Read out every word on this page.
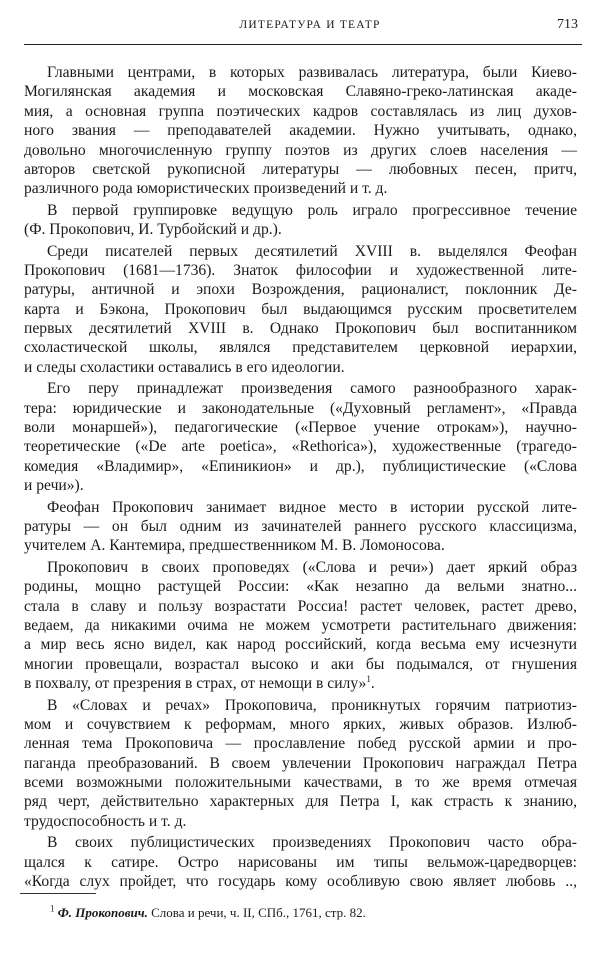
ЛИТЕРАТУРА И ТЕАТР	713
Главными центрами, в которых развивалась литература, были Киево-
Могилянская академия и московская Славяно-греко-латинская акаде-
мия, а основная группа поэтических кадров составлялась из лиц духов-
ного звания — преподавателей академии. Нужно учитывать, однако,
довольно многочисленную группу поэтов из других слоев населения —
авторов светской рукописной литературы — любовных песен, притч,
различного рода юмористических произведений и т. д.
В первой группировке ведущую роль играло прогрессивное течение
(Ф. Прокопович, И. Турбойский и др.).
Среди писателей первых десятилетий XVIII в. выделялся Феофан
Прокопович (1681—1736). Знаток философии и художественной лите-
ратуры, античной и эпохи Возрождения, рационалист, поклонник Де-
карта и Бэкона, Прокопович был выдающимся русским просветителем
первых десятилетий XVIII в. Однако Прокопович был воспитанником
схоластической школы, являлся представителем церковной иерархии,
и следы схоластики оставались в его идеологии.
Его перу принадлежат произведения самого разнообразного харак-
тера: юридические и законодательные («Духовный регламент», «Правда
воли монаршей»), педагогические («Первое учение отрокам»), научно-
теоретические («De arte poetica», «Rethorica»), художественные (трагедо-
комедия «Владимир», «Епиникион» и др.), публицистические («Слова
и речи»).
Феофан Прокопович занимает видное место в истории русской лите-
ратуры — он был одним из зачинателей раннего русского классицизма,
учителем А. Кантемира, предшественником М. В. Ломоносова.
Прокопович в своих проповедях («Слова и речи») дает яркий образ
родины, мощно растущей России: «Как незапно да вельми знатно...
стала в славу и пользу возрастати Россиа! растет человек, растет древо,
ведаем, да никакими очима не можем усмотрети растительнаго движения:
а мир весь ясно видел, как народ российский, когда весьма ему исчезнути
многии провещали, возрастал высоко и аки бы подымался, от гнушения
в похвалу, от презрения в страх, от немощи в силу»$^1$.
В «Словах и речах» Прокоповича, проникнутых горячим патриотиз-
мом и сочувствием к реформам, много ярких, живых образов. Излюб-
ленная тема Прокоповича — прославление побед русской армии и про-
паганда преобразований. В своем увлечении Прокопович награждал Петра
всеми возможными положительными качествами, в то же время отмечая
ряд черт, действительно характерных для Петра I, как страсть к знанию,
трудоспособность и т. д.
В своих публицистических произведениях Прокопович часто обра-
щался к сатире. Остро нарисованы им типы вельмож-царедворцев:
«Когда слух пройдет, что государь кому особливую свою являет любовь ..,
$^1$ Ф. Прокопович. Слова и речи, ч. II, СПб., 1761, стр. 82.
